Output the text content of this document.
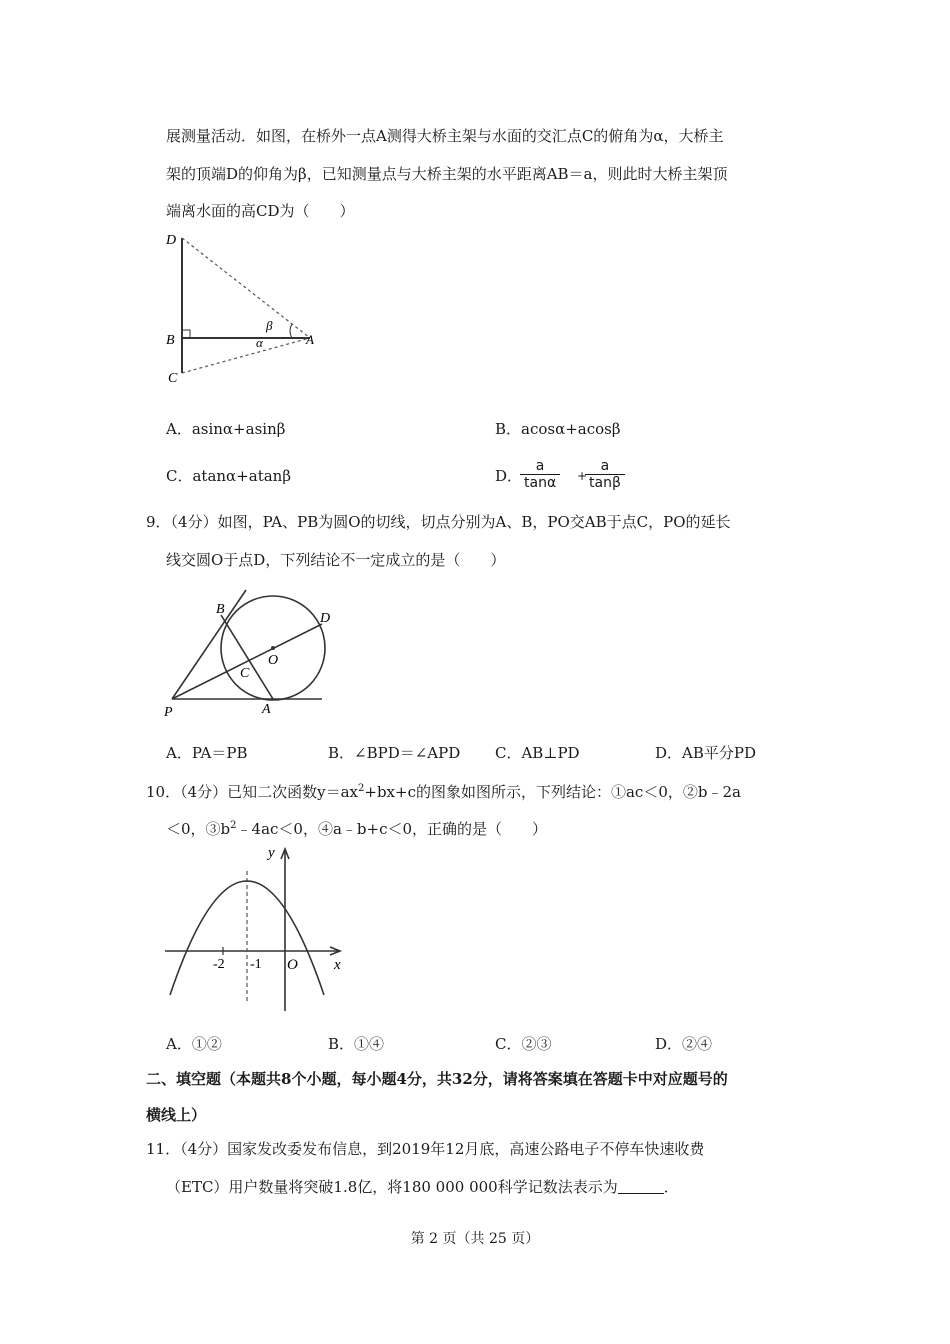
展测量活动．如图，在桥外一点A测得大桥主架与水面的交汇点C的俯角为α，大桥主
架的顶端D的仰角为β，已知测量点与大桥主架的水平距离AB＝a，则此时大桥主架顶
端离水面的高CD为（　　）
D
B
C
A
β
α
A．asinα+asinβ	B．acosα+acosβ
C．atanα+atanβ	D．
$\frac{a}{\tan\alpha}$ +
$\frac{a}{\tan\beta}$
9．（4分）如图，PA、PB为圆O的切线，切点分别为A、B，PO交AB于点C，PO的延长
线交圆O于点D，下列结论不一定成立的是（　　）
B
D
O
C
P	A
A．PA＝PB	B．∠BPD＝∠APD C．AB⊥PD	D．AB平分PD
10．（4分）已知二次函数$y=ax^2+bx+c$的图象如图所示，下列结论：①ac＜0，②b﹣2a
＜0，$③b^2﹣4ac<0$，④a﹣b+c＜0，正确的是（　　）
y
x
O
-2 -1
A．①②	B．①④	C．②③	D．②④
二、填空题（本题共8个小题，每小题4分，共32分，请将答案填在答题卡中对应题号的
横线上）
11．（4分）国家发改委发布信息，到2019年12月底，高速公路电子不停车快速收费
（ETC）用户数量将突破1.8亿，将180 000 000科学记数法表示为	．
第 2 页（共 25 页）
